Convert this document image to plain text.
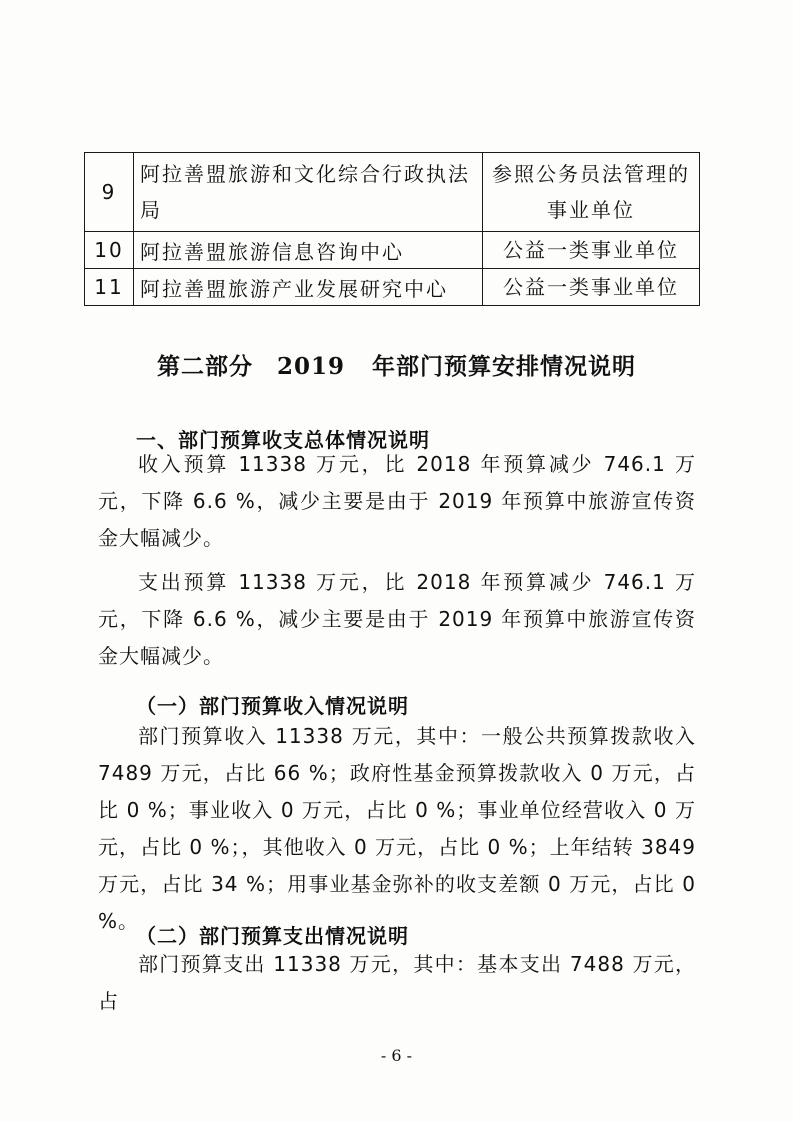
9	阿拉善盟旅游和文化综合行政执法局	参照公务员法管理的事业单位
10	阿拉善盟旅游信息咨询中心	公益一类事业单位
11	阿拉善盟旅游产业发展研究中心	公益一类事业单位
第二部分　2019 年部门预算安排情况说明
一、部门预算收支总体情况说明

收入预算 11338 万元，比 2018 年预算减少 746.1 万元，下降 6.6 %，减少主要是由于 2019 年预算中旅游宣传资金大幅减少。

支出预算 11338 万元，比 2018 年预算减少 746.1 万元，下降 6.6 %，减少主要是由于 2019 年预算中旅游宣传资金大幅减少。

（一）部门预算收入情况说明

部门预算收入 11338 万元，其中：一般公共预算拨款收入 7489 万元，占比 66 %；政府性基金预算拨款收入 0 万元，占比 0 %；事业收入 0 万元，占比 0 %；事业单位经营收入 0 万元，占比 0 %；，其他收入 0 万元，占比 0 %；上年结转 3849 万元，占比 34 %；用事业基金弥补的收支差额 0 万元，占比 0 %。

（二）部门预算支出情况说明

部门预算支出 11338 万元，其中：基本支出 7488 万元，占

- 6 -
